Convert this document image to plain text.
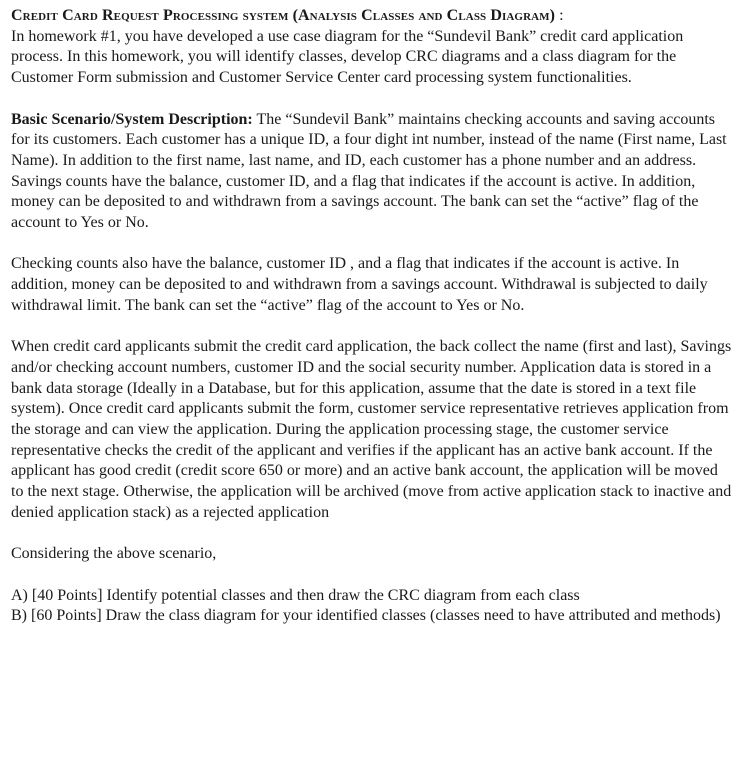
Credit Card Request Processing system (Analysis Classes and Class Diagram) :
In homework #1, you have developed a use case diagram for the “Sundevil Bank” credit card application process. In this homework, you will identify classes, develop CRC diagrams and a class diagram for the Customer Form submission and Customer Service Center card processing system functionalities.

Basic Scenario/System Description: The “Sundevil Bank” maintains checking accounts and saving accounts for its customers. Each customer has a unique ID, a four dight int number, instead of the name (First name, Last Name). In addition to the first name, last name, and ID, each customer has a phone number and an address. Savings counts have the balance, customer ID, and a flag that indicates if the account is active. In addition, money can be deposited to and withdrawn from a savings account. The bank can set the “active” flag of the account to Yes or No.

Checking counts also have the balance, customer ID , and a flag that indicates if the account is active. In addition, money can be deposited to and withdrawn from a savings account. Withdrawal is subjected to daily withdrawal limit. The bank can set the “active” flag of the account to Yes or No.

When credit card applicants submit the credit card application, the back collect the name (first and last), Savings and/or checking account numbers, customer ID and the social security number. Application data is stored in a bank data storage (Ideally in a Database, but for this application, assume that the date is stored in a text file system). Once credit card applicants submit the form, customer service representative retrieves application from the storage and can view the application. During the application processing stage, the customer service representative checks the credit of the applicant and verifies if the applicant has an active bank account. If the applicant has good credit (credit score 650 or more) and an active bank account, the application will be moved to the next stage. Otherwise, the application will be archived (move from active application stack to inactive and denied application stack) as a rejected application

Considering the above scenario,

A) [40 Points] Identify potential classes and then draw the CRC diagram from each class

B) [60 Points] Draw the class diagram for your identified classes (classes need to have attributed and methods)
